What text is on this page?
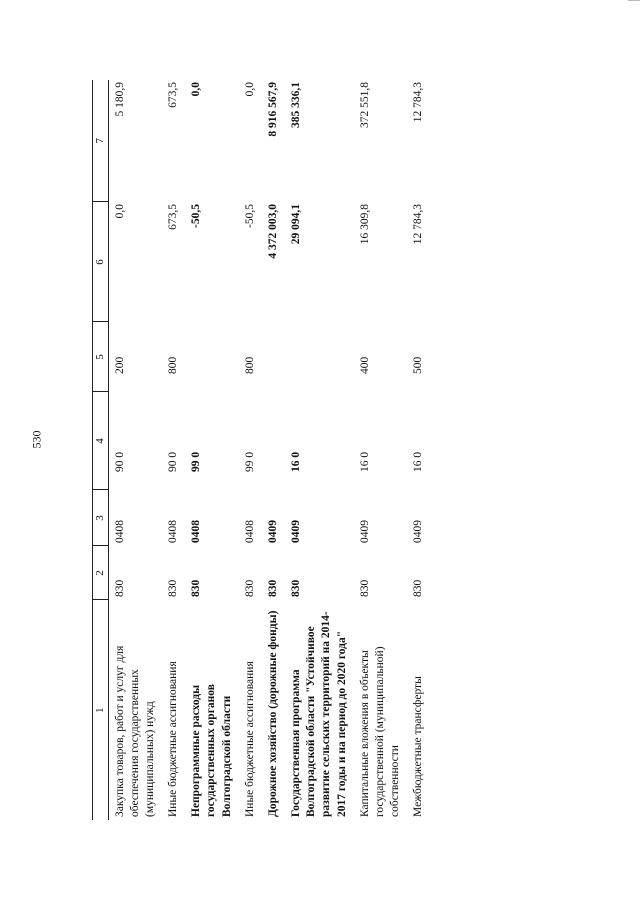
530
1	2	3	4	5	6	7
Закупка товаров, работ и услуг для обеспечения государственных (муниципальных) нужд	830	0408	90 0	200	0,0	5 180,9
Иные бюджетные ассигнования	830	0408	90 0	800	673,5	673,5
Непрограммные расходы государственных органов Волгоградской области	830	0408	99 0		-50,5	0,0
Иные бюджетные ассигнования	830	0408	99 0	800	-50,5	0,0
Дорожное хозяйство (дорожные фонды)	830	0409			4 372 003,0	8 916 567,9
Государственная программа Волгоградской области "Устойчивое развитие сельских территорий на 2014-2017 годы и на период до 2020 года"	830	0409	16 0		29 094,1	385 336,1
Капитальные вложения в объекты государственной (муниципальной) собственности	830	0409	16 0	400	16 309,8	372 551,8
Межбюджетные трансферты	830	0409	16 0	500	12 784,3	12 784,3
